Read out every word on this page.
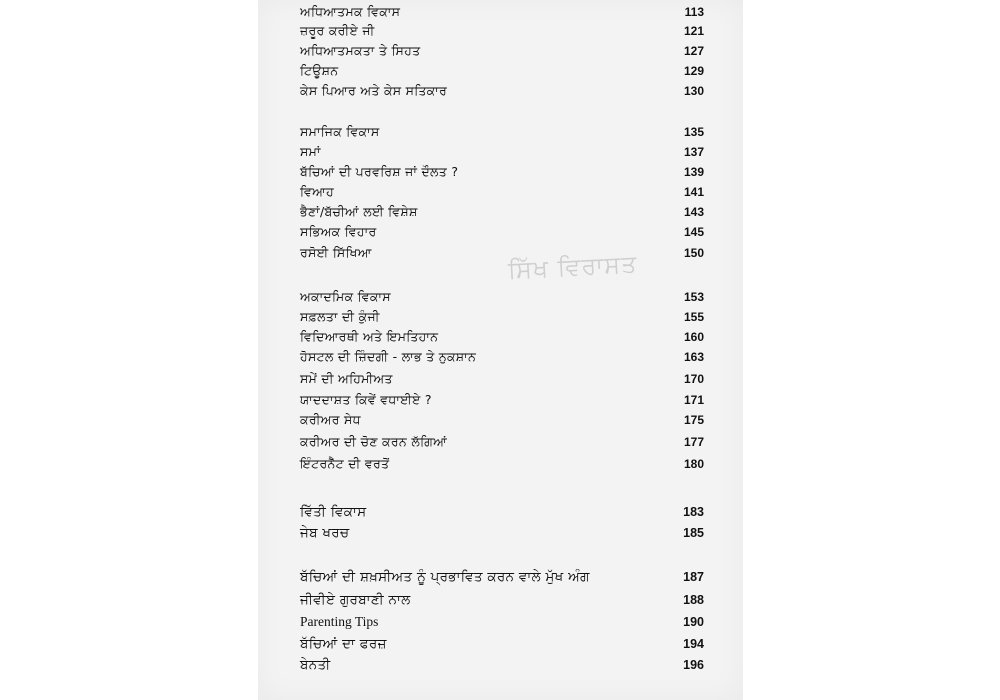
ਸਿੱਖ ਵਿਰਾਸਤ
ਅਧਿਆਤਮਕ ਵਿਕਾਸ	113
ਜ਼ਰੂਰ ਕਰੀਏ ਜੀ	121
ਅਧਿਆਤਮਕਤਾ ਤੇ ਸਿਹਤ	127
ਟਿਊਸ਼ਨ	129
ਕੇਸ ਪਿਆਰ ਅਤੇ ਕੇਸ ਸਤਿਕਾਰ	130
ਸਮਾਜਿਕ ਵਿਕਾਸ	135
ਸਮਾਂ	137
ਬੱਚਿਆਂ ਦੀ ਪਰਵਰਿਸ਼ ਜਾਂ ਦੌਲਤ ?	139
ਵਿਆਹ	141
ਭੈਣਾਂ/ਬੱਚੀਆਂ ਲਈ ਵਿਸ਼ੇਸ਼	143
ਸਭਿਅਕ ਵਿਹਾਰ	145
ਰਸੋਈ ਸਿੱਖਿਆ	150
ਅਕਾਦਮਿਕ ਵਿਕਾਸ	153
ਸਫ਼ਲਤਾ ਦੀ ਕੁੰਜੀ	155
ਵਿਦਿਆਰਥੀ ਅਤੇ ਇਮਤਿਹਾਨ	160
ਹੋਸਟਲ ਦੀ ਜ਼ਿੰਦਗੀ - ਲਾਭ ਤੇ ਨੁਕਸ਼ਾਨ	163
ਸਮੇਂ ਦੀ ਅਹਿਮੀਅਤ	170
ਯਾਦਦਾਸ਼ਤ ਕਿਵੇਂ ਵਧਾਈਏ ?	171
ਕਰੀਅਰ ਸੇਧ	175
ਕਰੀਅਰ ਦੀ ਚੋਣ ਕਰਨ ਲੱਗਿਆਂ	177
ਇੰਟਰਨੈੱਟ ਦੀ ਵਰਤੋਂ	180
ਵਿੱਤੀ ਵਿਕਾਸ	183
ਜੇਬ ਖਰਚ	185
ਬੱਚਿਆਂ ਦੀ ਸ਼ਖ਼ਸੀਅਤ ਨੂੰ ਪ੍ਰਭਾਵਿਤ ਕਰਨ ਵਾਲੇ ਮੁੱਖ ਅੰਗ	187
ਜੀਵੀਏ ਗੁਰਬਾਣੀ ਨਾਲ	188
Parenting Tips	190
ਬੱਚਿਆਂ ਦਾ ਫਰਜ਼	194
ਬੇਨਤੀ	196
